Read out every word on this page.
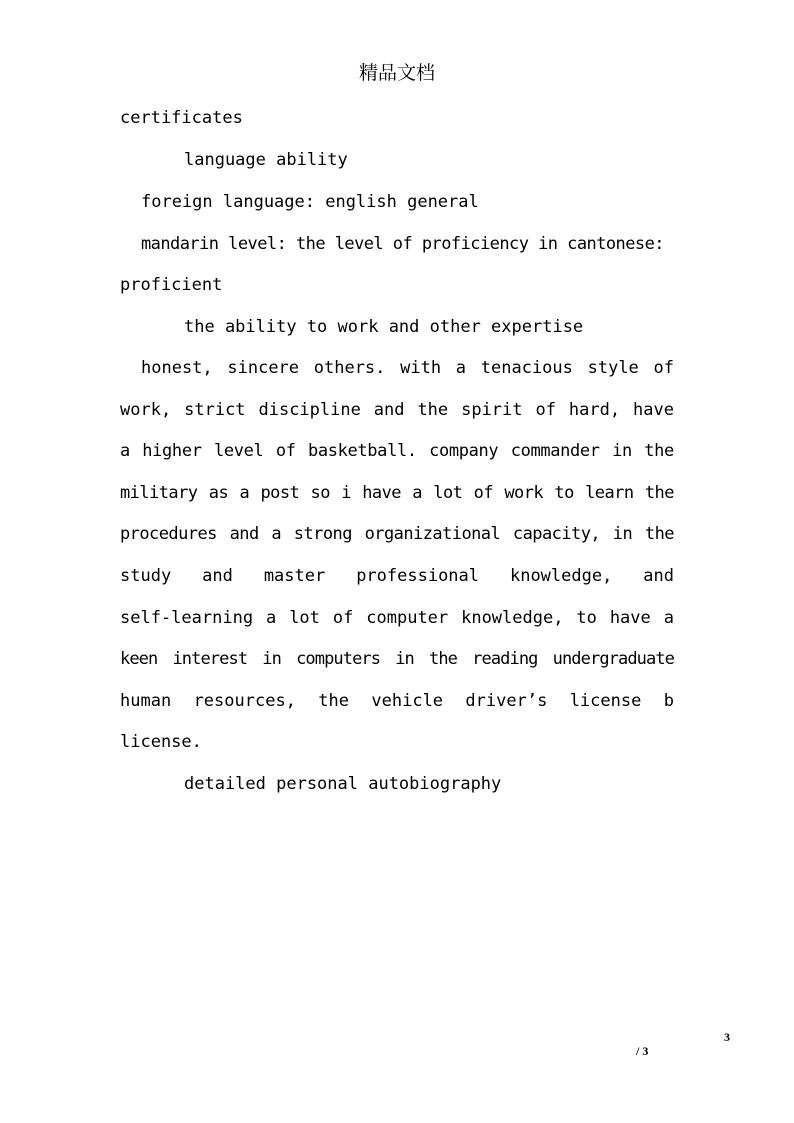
精品文档
certificates
language ability
foreign language: english general
mandarin level: the level of proficiency in cantonese:
proficient
the ability to work and other expertise
honest, sincere others. with a tenacious style of
work, strict discipline and the spirit of hard, have
a higher level of basketball. company commander in the
military as a post so i have a lot of work to learn the
procedures and a strong organizational capacity, in the
study and master professional knowledge, and
self-learning a lot of computer knowledge, to have a
keen interest in computers in the reading undergraduate
human resources, the vehicle driver’s license b
license.
detailed personal autobiography
3
/ 3
